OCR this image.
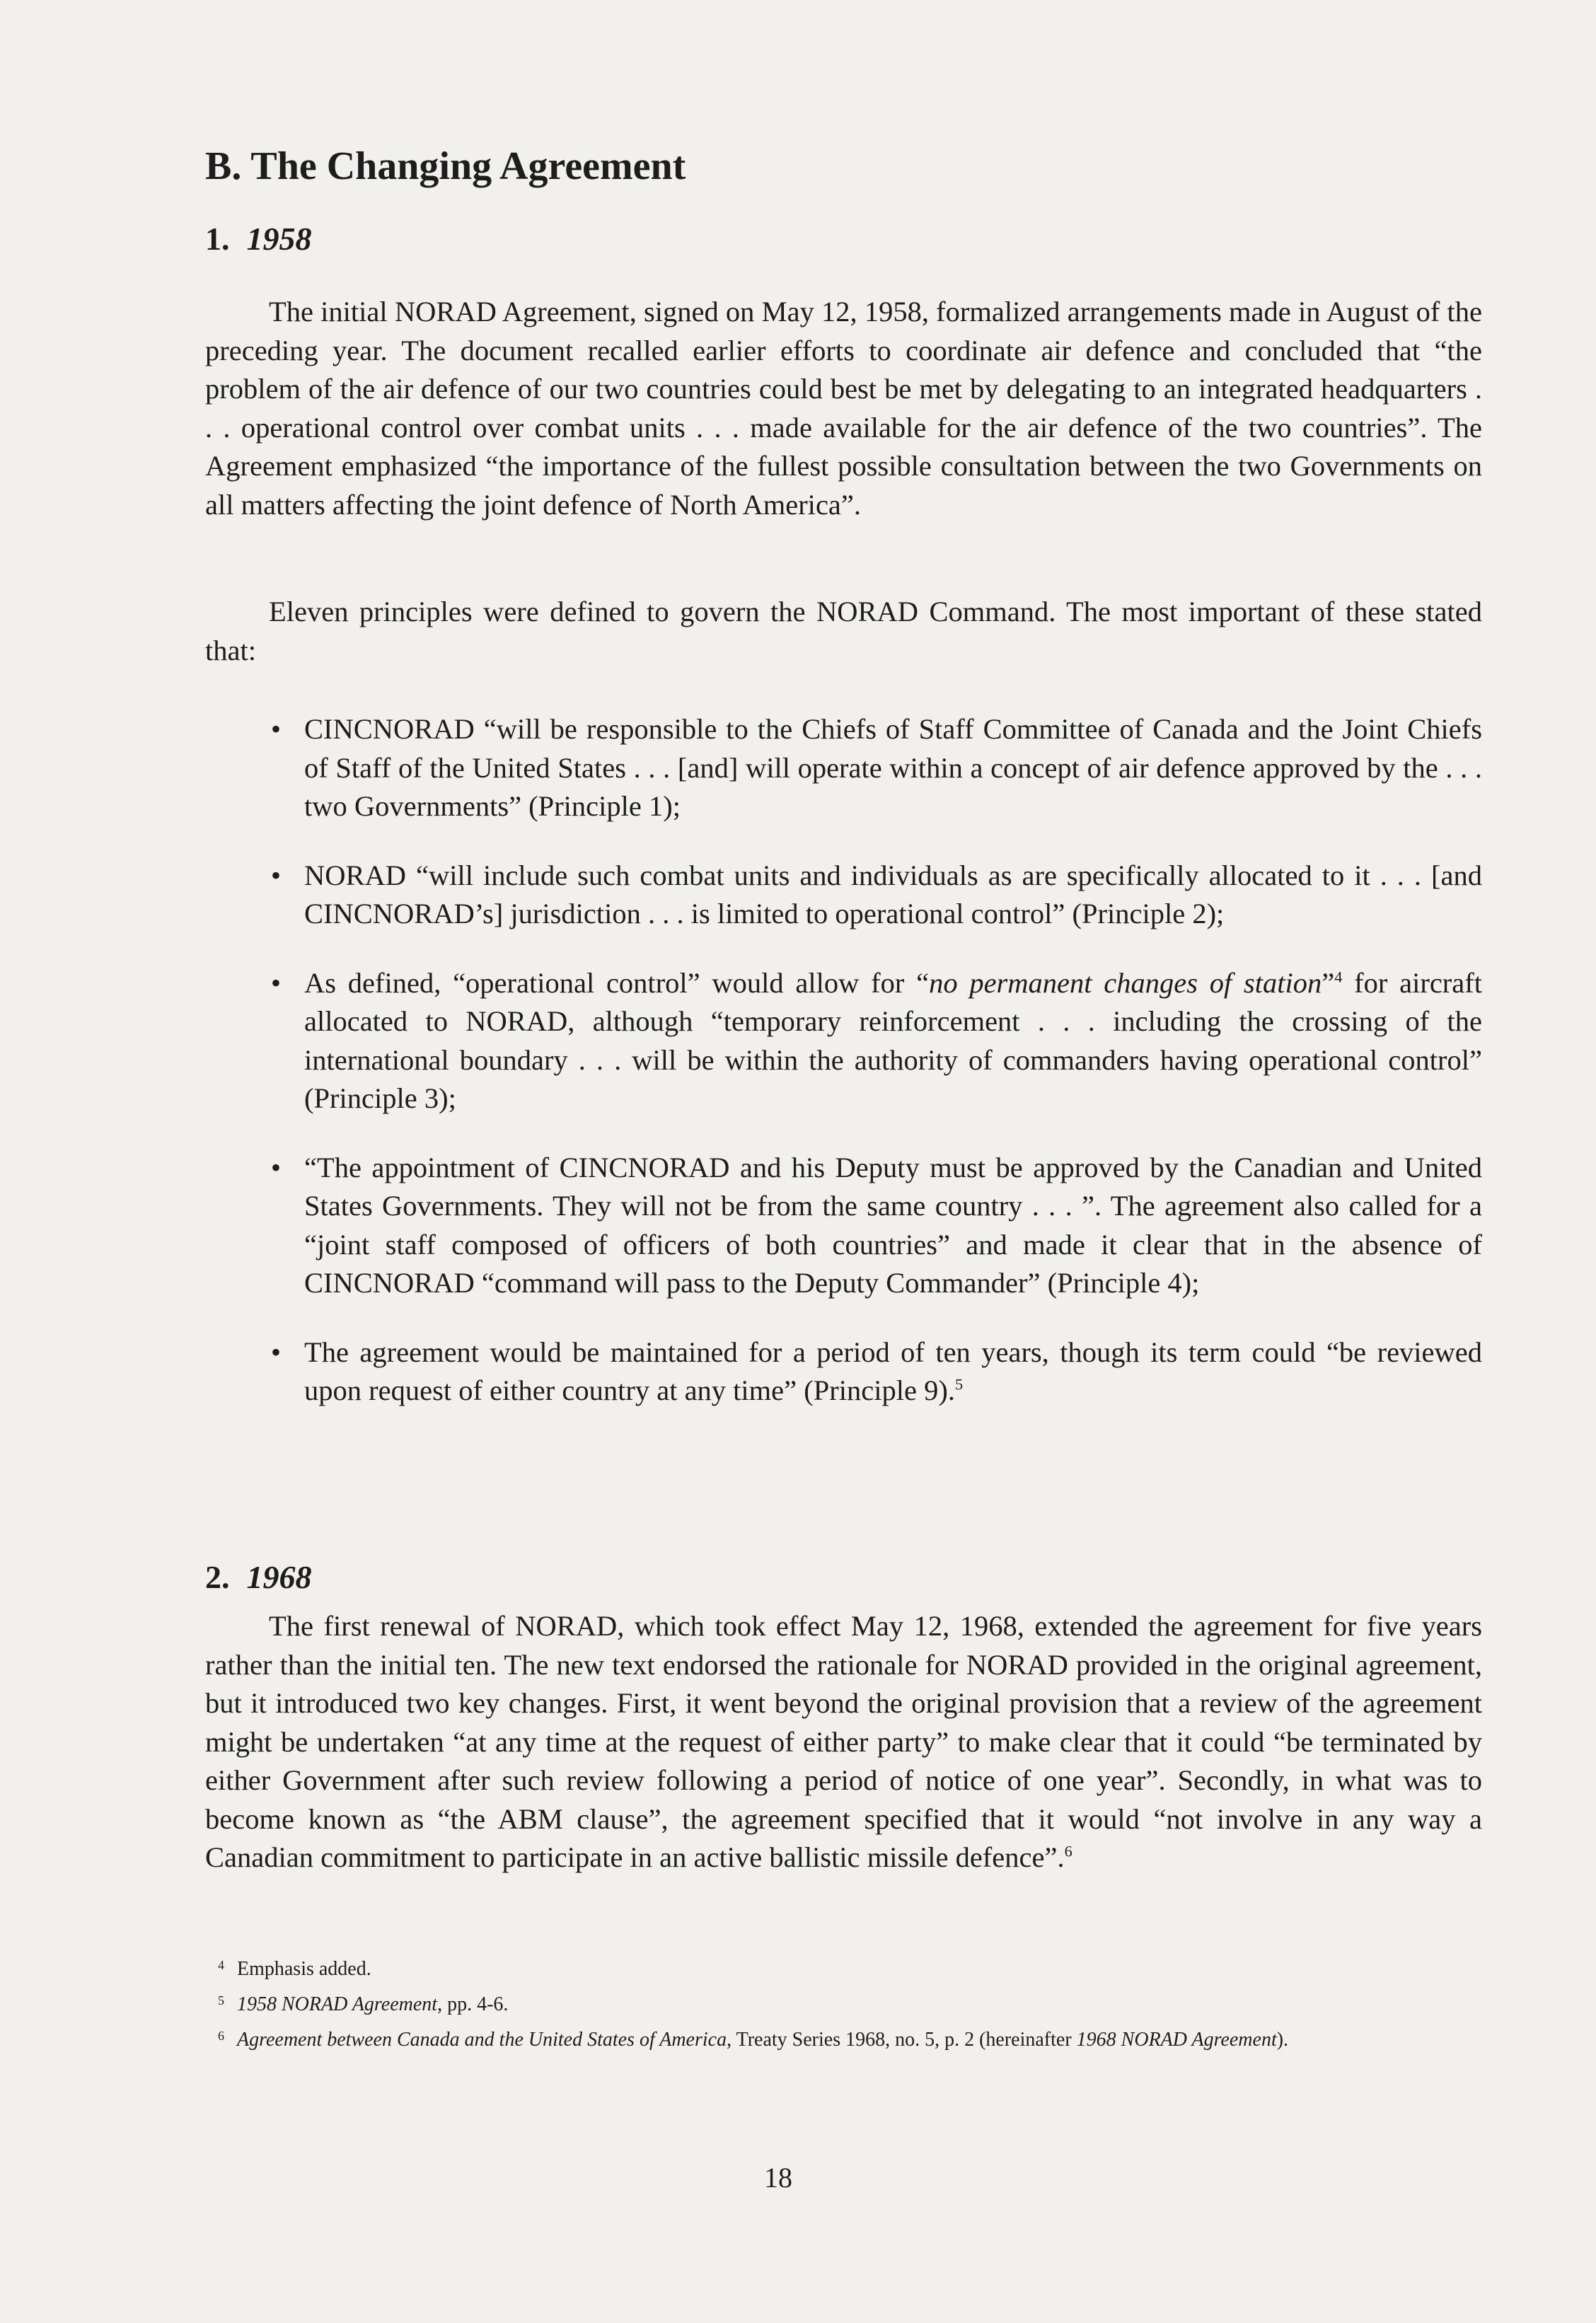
B. The Changing Agreement
1. 1958

The initial NORAD Agreement, signed on May 12, 1958, formalized arrangements made in August of the preceding year. The document recalled earlier efforts to coordinate air defence and concluded that “the problem of the air defence of our two countries could best be met by delegating to an integrated headquarters . . . operational control over combat units . . . made available for the air defence of the two countries”. The Agreement emphasized “the importance of the fullest possible consultation between the two Governments on all matters affecting the joint defence of North America”.

Eleven principles were defined to govern the NORAD Command. The most important of these stated that:

• CINCNORAD “will be responsible to the Chiefs of Staff Committee of Canada and the Joint Chiefs of Staff of the United States . . . [and] will operate within a concept of air defence approved by the . . . two Governments” (Principle 1);
• NORAD “will include such combat units and individuals as are specifically allocated to it . . . [and CINCNORAD’s] jurisdiction . . . is limited to operational control” (Principle 2);
• As defined, “operational control” would allow for “no permanent changes of station”$^4$ for aircraft allocated to NORAD, although “temporary reinforcement . . . including the crossing of the international boundary . . . will be within the authority of commanders having operational control” (Principle 3);
• “The appointment of CINCNORAD and his Deputy must be approved by the Canadian and United States Governments. They will not be from the same country . . . ”. The agreement also called for a “joint staff composed of officers of both countries” and made it clear that in the absence of CINCNORAD “command will pass to the Deputy Commander” (Principle 4);
• The agreement would be maintained for a period of ten years, though its term could “be reviewed upon request of either country at any time” (Principle 9).$^5$
2. 1968

The first renewal of NORAD, which took effect May 12, 1968, extended the agreement for five years rather than the initial ten. The new text endorsed the rationale for NORAD provided in the original agreement, but it introduced two key changes. First, it went beyond the original provision that a review of the agreement might be undertaken “at any time at the request of either party” to make clear that it could “be terminated by either Government after such review following a period of notice of one year”. Secondly, in what was to become known as “the ABM clause”, the agreement specified that it would “not involve in any way a Canadian commitment to participate in an active ballistic missile defence”.$^6$

4 Emphasis added.
5 1958 NORAD Agreement, pp. 4-6.
6 Agreement between Canada and the United States of America, Treaty Series 1968, no. 5, p. 2 (hereinafter 1968 NORAD Agreement).
18
